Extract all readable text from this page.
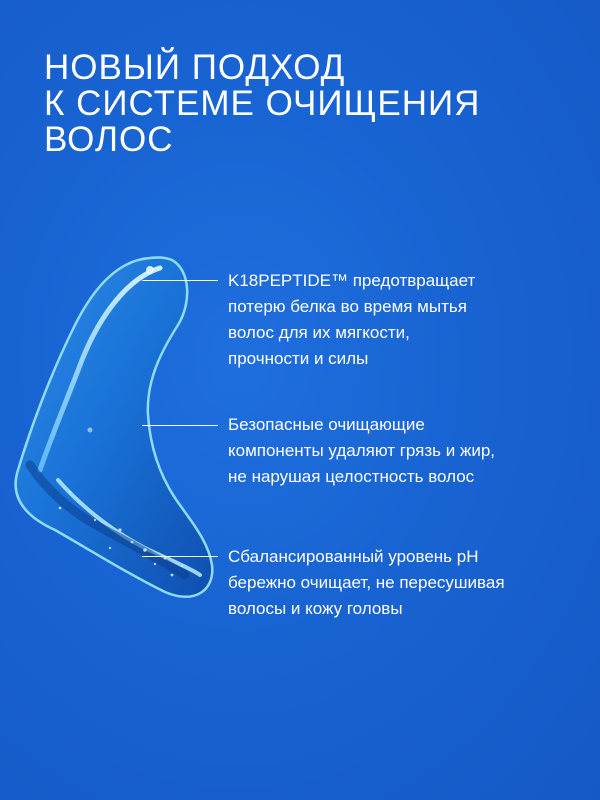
НОВЫЙ ПОДХОД
К СИСТЕМЕ ОЧИЩЕНИЯ
ВОЛОС

K18PEPTIDE™ предотвращает
потерю белка во время мытья
волос для их мягкости,
прочности и силы

Безопасные очищающие
компоненты удаляют грязь и жир,
не нарушая целостность волос

Сбалансированный уровень pH
бережно очищает, не пересушивая
волосы и кожу головы
